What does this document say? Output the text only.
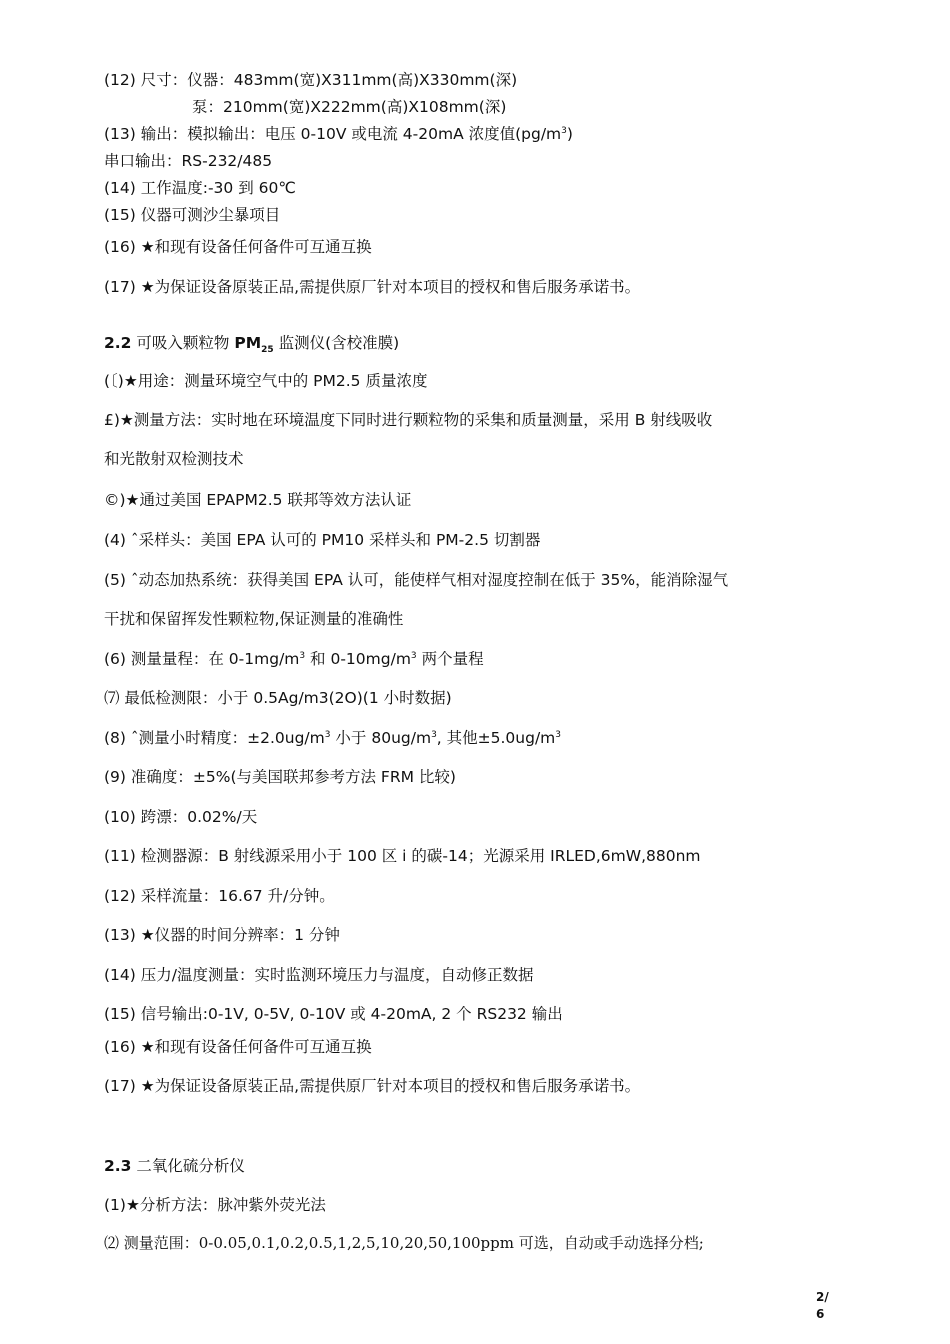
(12) 尺寸：仪器：483mm(宽)X311mm(高)X330mm(深)
泵：210mm(宽)X222mm(高)X108mm(深)
(13) 输出：模拟输出：电压 0-10V 或电流 4-20mA 浓度值$(pg/m^3)$
串口输出：RS-232/485
(14) 工作温度:-30 到 60℃
(15) 仪器可测沙尘暴项目
(16) ★和现有设备任何备件可互通互换
(17) ★为保证设备原装正品,需提供原厂针对本项目的授权和售后服务承诺书。
2.2 可吸入颗粒物 $PM_{25}$ 监测仪(含校准膜)
(〔)★用途：测量环境空气中的 PM2.5 质量浓度
£)★测量方法：实时地在环境温度下同时进行颗粒物的采集和质量测量，采用 B 射线吸收
和光散射双检测技术
©)★通过美国 EPAPM2.5 联邦等效方法认证
(4) ˆ采样头：美国 EPA 认可的 PM10 采样头和 PM-2.5 切割器
(5) ˆ动态加热系统：获得美国 EPA 认可，能使样气相对湿度控制在低于 35%，能消除湿气
干扰和保留挥发性颗粒物,保证测量的准确性
(6) 测量量程：在 $0-1mg/m^3$ 和 $0-10mg/m^3$ 两个量程
⑺ 最低检测限：小于 0.5Ag/m3(2O)(1 小时数据)
(8) ˆ测量小时精度：$\pm 2.0ug/m^3$ 小于 $80ug/m^3$, 其他$\pm 5.0ug/m^3$
(9) 准确度：±5%(与美国联邦参考方法 FRM 比较)
(10) 跨漂：0.02%/天
(11) 检测器源：B 射线源采用小于 100 区 i 的碳-14；光源采用 IRLED,6mW,880nm
(12) 采样流量：16.67 升/分钟。
(13) ★仪器的时间分辨率：1 分钟
(14) 压力/温度测量：实时监测环境压力与温度，自动修正数据
(15) 信号输出:0-1V, 0-5V, 0-10V 或 4-20mA, 2 个 RS232 输出
(16) ★和现有设备任何备件可互通互换
(17) ★为保证设备原装正品,需提供原厂针对本项目的授权和售后服务承诺书。
2.3 二氧化硫分析仪
(1)★分析方法：脉冲紫外荧光法
⑵ 测量范围：0-0.05,0.1,0.2,0.5,1,2,5,10,20,50,100ppm 可选，自动或手动选择分档;
2/6
